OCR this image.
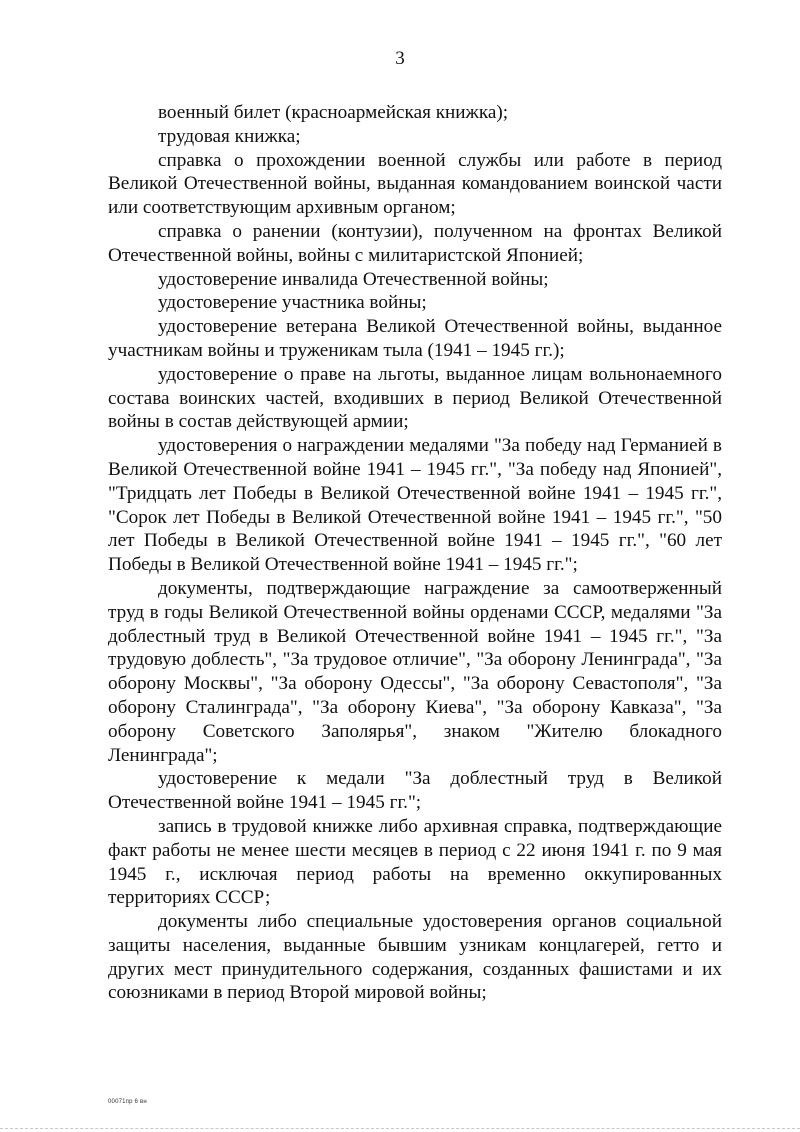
3

военный билет (красноармейская книжка);

трудовая книжка;

справка о прохождении военной службы или работе в период Великой Отечественной войны, выданная командованием воинской части или соответствующим архивным органом;

справка о ранении (контузии), полученном на фронтах Великой Отечественной войны, войны с милитаристской Японией;

удостоверение инвалида Отечественной войны;

удостоверение участника войны;

удостоверение ветерана Великой Отечественной войны, выданное участникам войны и труженикам тыла (1941 – 1945 гг.);

удостоверение о праве на льготы, выданное лицам вольнонаемного состава воинских частей, входивших в период Великой Отечественной войны в состав действующей армии;

удостоверения о награждении медалями "За победу над Германией в Великой Отечественной войне 1941 – 1945 гг.", "За победу над Японией", "Тридцать лет Победы в Великой Отечественной войне 1941 – 1945 гг.", "Сорок лет Победы в Великой Отечественной войне 1941 – 1945 гг.", "50 лет Победы в Великой Отечественной войне 1941 – 1945 гг.", "60 лет Победы в Великой Отечественной войне 1941 – 1945 гг.";

документы, подтверждающие награждение за самоотверженный труд в годы Великой Отечественной войны орденами СССР, медалями "За доблестный труд в Великой Отечественной войне 1941 – 1945 гг.", "За трудовую доблесть", "За трудовое отличие", "За оборону Ленинграда", "За оборону Москвы", "За оборону Одессы", "За оборону Севастополя", "За оборону Сталинграда", "За оборону Киева", "За оборону Кавказа", "За оборону Советского Заполярья", знаком "Жителю блокадного Ленинграда";

удостоверение к медали "За доблестный труд в Великой Отечественной войне 1941 – 1945 гг.";

запись в трудовой книжке либо архивная справка, подтверждающие факт работы не менее шести месяцев в период с 22 июня 1941 г. по 9 мая 1945 г., исключая период работы на временно оккупированных территориях СССР;

документы либо специальные удостоверения органов социальной защиты населения, выданные бывшим узникам концлагерей, гетто и других мест принудительного содержания, созданных фашистами и их союзниками в период Второй мировой войны;

00071пр 6 вн
